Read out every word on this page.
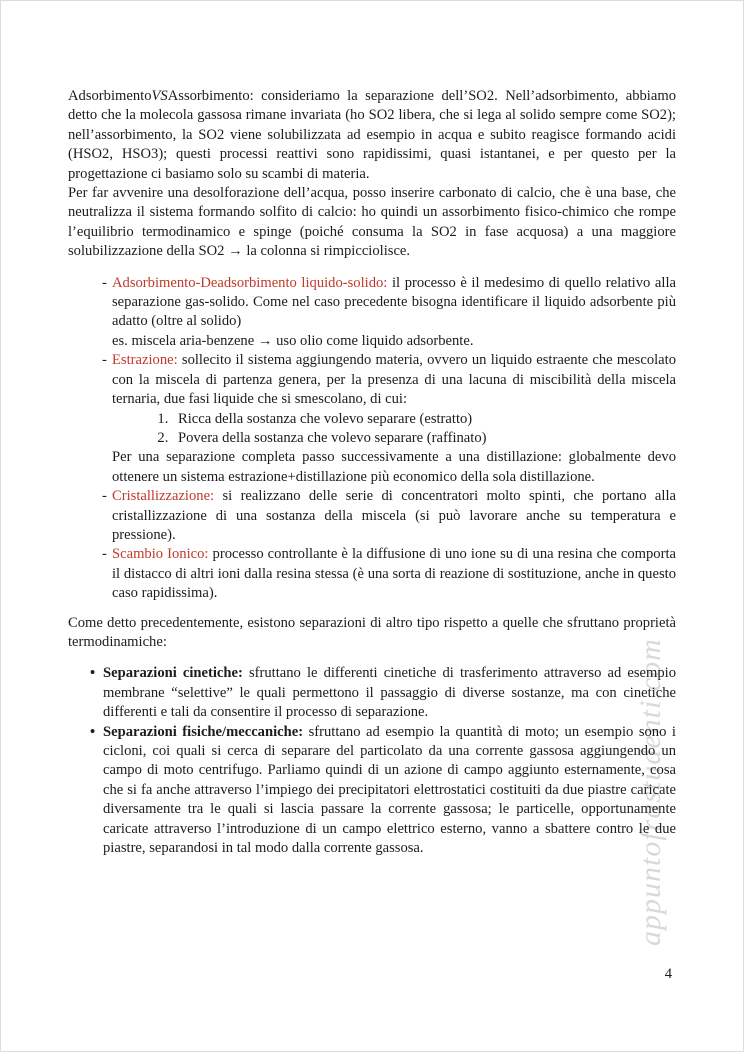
appuntofrastudenti.com

AdsorbimentoVSAssorbimento: consideriamo la separazione dell’SO2. Nell’adsorbimento, abbiamo detto che la molecola gassosa rimane invariata (ho SO2 libera, che si lega al solido sempre come SO2); nell’assorbimento, la SO2 viene solubilizzata ad esempio in acqua e subito reagisce formando acidi (HSO2, HSO3); questi processi reattivi sono rapidissimi, quasi istantanei, e per questo per la progettazione ci basiamo solo su scambi di materia.

Per far avvenire una desolforazione dell’acqua, posso inserire carbonato di calcio, che è una base, che neutralizza il sistema formando solfito di calcio: ho quindi un assorbimento fisico-chimico che rompe l’equilibrio termodinamico e spinge (poiché consuma la SO2 in fase acquosa) a una maggiore solubilizzazione della SO2 → la colonna si rimpicciolisce.

- Adsorbimento-Deadsorbimento liquido-solido: il processo è il medesimo di quello relativo alla separazione gas-solido. Come nel caso precedente bisogna identificare il liquido adsorbente più adatto (oltre al solido)
es. miscela aria-benzene → uso olio come liquido adsorbente.
- Estrazione: sollecito il sistema aggiungendo materia, ovvero un liquido estraente che mescolato con la miscela di partenza genera, per la presenza di una lacuna di miscibilità della miscela ternaria, due fasi liquide che si smescolano, di cui:
1. Ricca della sostanza che volevo separare (estratto)
2. Povera della sostanza che volevo separare (raffinato)
Per una separazione completa passo successivamente a una distillazione: globalmente devo ottenere un sistema estrazione+distillazione più economico della sola distillazione.
- Cristallizzazione: si realizzano delle serie di concentratori molto spinti, che portano alla cristallizzazione di una sostanza della miscela (si può lavorare anche su temperatura e pressione).
- Scambio Ionico: processo controllante è la diffusione di uno ione su di una resina che comporta il distacco di altri ioni dalla resina stessa (è una sorta di reazione di sostituzione, anche in questo caso rapidissima).

Come detto precedentemente, esistono separazioni di altro tipo rispetto a quelle che sfruttano proprietà termodinamiche:

• Separazioni cinetiche: sfruttano le differenti cinetiche di trasferimento attraverso ad esempio membrane “selettive” le quali permettono il passaggio di diverse sostanze, ma con cinetiche differenti e tali da consentire il processo di separazione.
• Separazioni fisiche/meccaniche: sfruttano ad esempio la quantità di moto; un esempio sono i cicloni, coi quali si cerca di separare del particolato da una corrente gassosa aggiungendo un campo di moto centrifugo. Parliamo quindi di un azione di campo aggiunto esternamente, cosa che si fa anche attraverso l’impiego dei precipitatori elettrostatici costituiti da due piastre caricate diversamente tra le quali si lascia passare la corrente gassosa; le particelle, opportunamente caricate attraverso l’introduzione di un campo elettrico esterno, vanno a sbattere contro le due piastre, separandosi in tal modo dalla corrente gassosa.
4
